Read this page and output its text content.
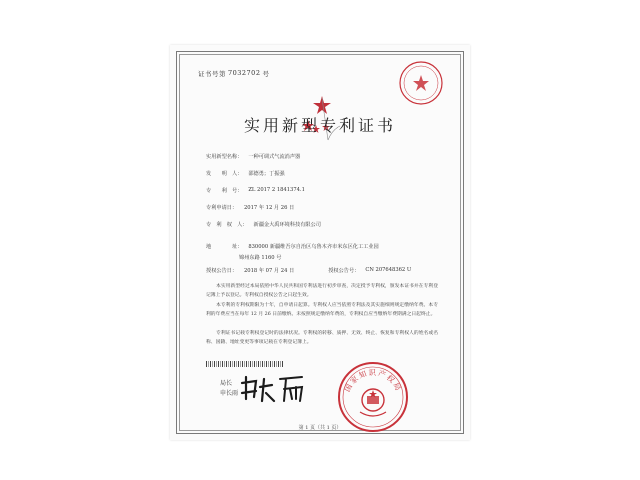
证书号第 7032702 号
实用新型专利证书
实用新型名称： 一种可调式气流消声器
发　　明　人： 邵德勇；丁振强
专　　利　号： ZL 2017 2 1841374.1
专利申请日： 2017 年 12 月 26 日
专　利　权　人： 新疆金大禹环境科技有限公司
地　　　　址： 830000 新疆维吾尔自治区乌鲁木齐市米东区化工工业园
锦州东路 1160 号
授权公告日： 2018 年 07 月 24 日	授权公告号： CN 207648362 U
本实用新型经过本局依照中华人民共和国专利法进行初步审查，决定授予专利权，颁发本证书并在专利登记簿上予以登记。专利权自授权公告之日起生效。
本专利的专利权期限为十年，自申请日起算。专利权人应当依照专利法及其实施细则规定缴纳年费。本专利的年费应当在每年 12 月 26 日前缴纳。未按照规定缴纳年费的，专利权自应当缴纳年费期满之日起终止。
专利证书记载专利权登记时的法律状况。专利权的转移、质押、无效、终止、恢复和专利权人的姓名或名称、国籍、地址变更等事项记载在专利登记簿上。
局长
申长雨
国家知识产权局
第 1 页（共 1 页）
